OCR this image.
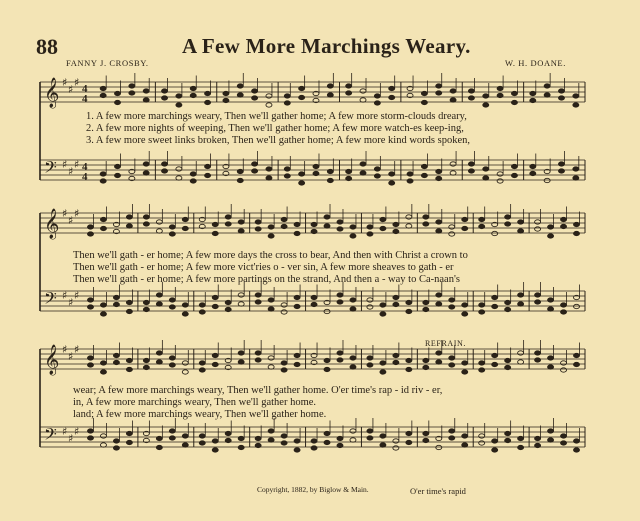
88	A Few More Marchings Weary.
FANNY J. CROSBY.	W. H. DOANE.
𝄞
𝄢
♯
♯
♯
♯
♯
♯
4
4
4
4
𝄞
𝄢
♯
♯
♯
♯
♯
♯
𝄞
𝄢
♯
♯
♯
♯
♯
♯
1. A few more marchings weary, Then we'll gather home; A few more storm-clouds dreary,
2. A few more nights of weeping, Then we'll gather home; A few more watch-es keep-ing,
3. A few more sweet links broken, Then we'll gather home; A few more kind words spoken,
Then we'll gath - er home; A few more days the cross to bear, And then with Christ a crown to
Then we'll gath - er home; A few more vict'ries o - ver sin, A few more sheaves to gath - er
Then we'll gath - er home; A few more partings on the strand, And then a - way to Ca-naan's
REFRAIN.
wear; A few more marchings weary, Then we'll gather home. O'er time's rap - id riv - er,
in, A few more marchings weary, Then we'll gather home.
land; A few more marchings weary, Then we'll gather home.
Copyright, 1882, by Biglow & Main.	O'er time's rapid
